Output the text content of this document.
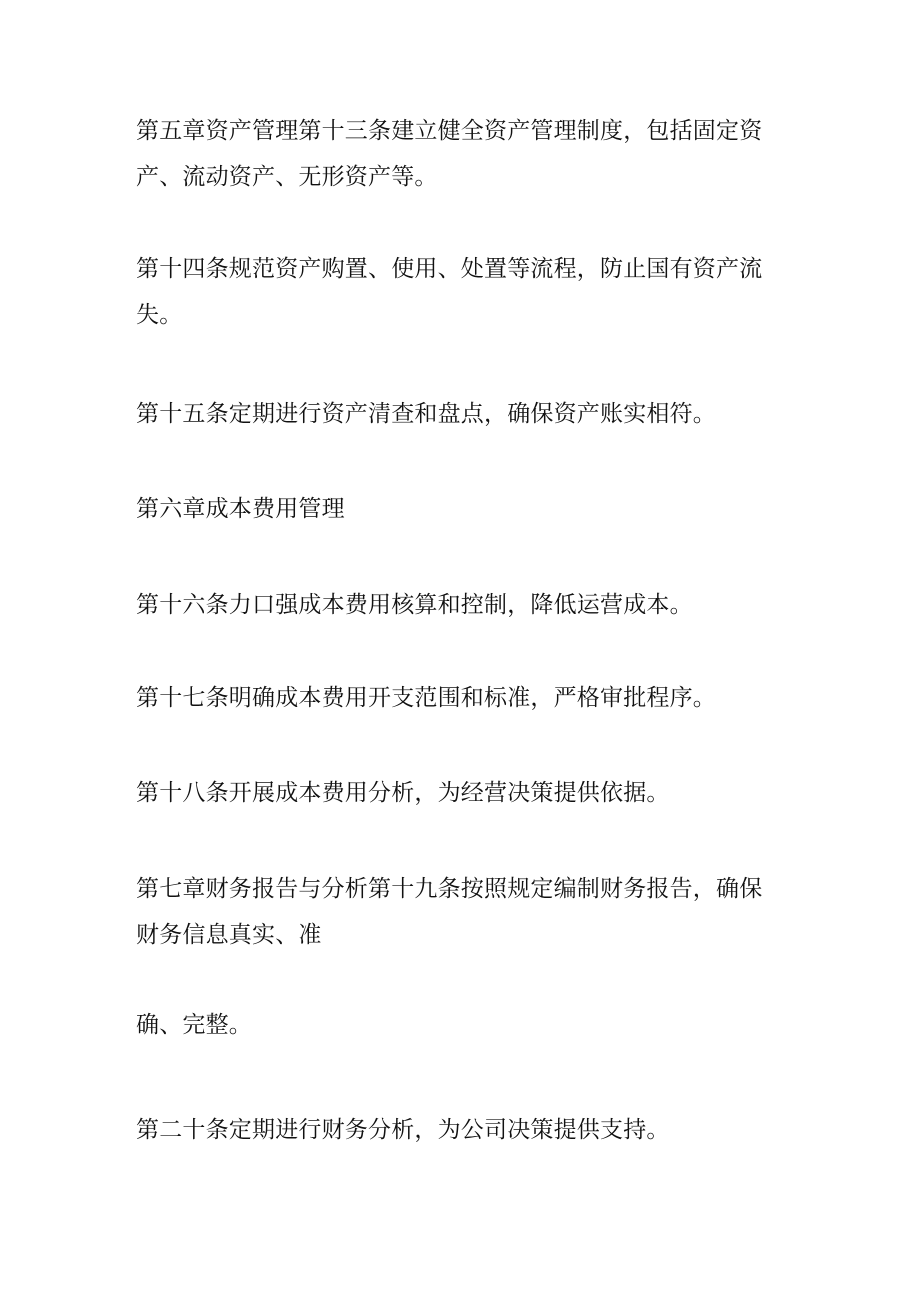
第五章资产管理第十三条建立健全资产管理制度，包括固定资产、流动资产、无形资产等。

第十四条规范资产购置、使用、处置等流程，防止国有资产流失。

第十五条定期进行资产清查和盘点，确保资产账实相符。

第六章成本费用管理

第十六条力口强成本费用核算和控制，降低运营成本。

第十七条明确成本费用开支范围和标准，严格审批程序。

第十八条开展成本费用分析，为经营决策提供依据。

第七章财务报告与分析第十九条按照规定编制财务报告，确保财务信息真实、准

确、完整。

第二十条定期进行财务分析，为公司决策提供支持。
